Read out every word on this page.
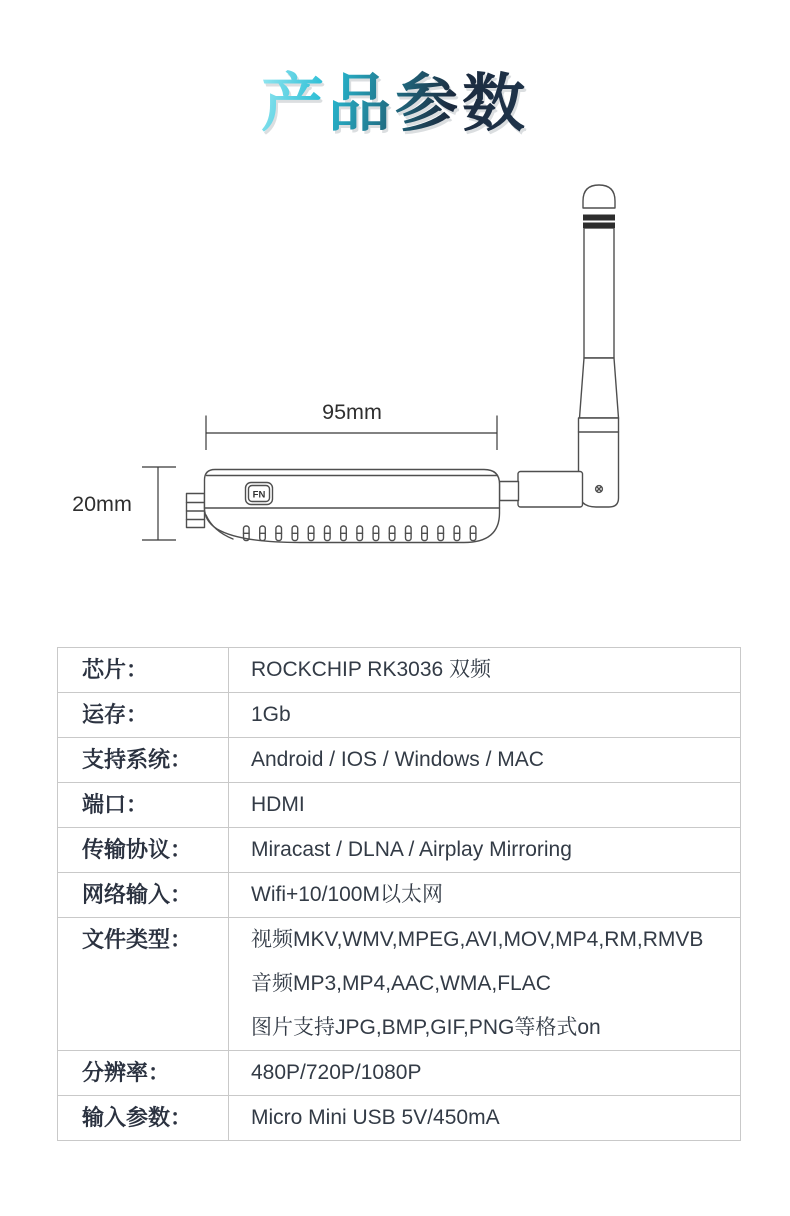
产品参数
FN
95mm
20mm
芯片：	ROCKCHIP RK3036 双频

运存：	1Gb

支持系统：	Android / IOS / Windows / MAC

端口：	HDMI

传输协议：	Miracast / DLNA / Airplay Mirroring

网络输入：	Wifi+10/100M以太网

文件类型：	视频MKV,WMV,MPEG,AVI,MOV,MP4,RM,RMVB
音频MP3,MP4,AAC,WMA,FLAC
图片支持JPG,BMP,GIF,PNG等格式on

分辨率：	480P/720P/1080P

输入参数：	Micro Mini USB 5V/450mA
